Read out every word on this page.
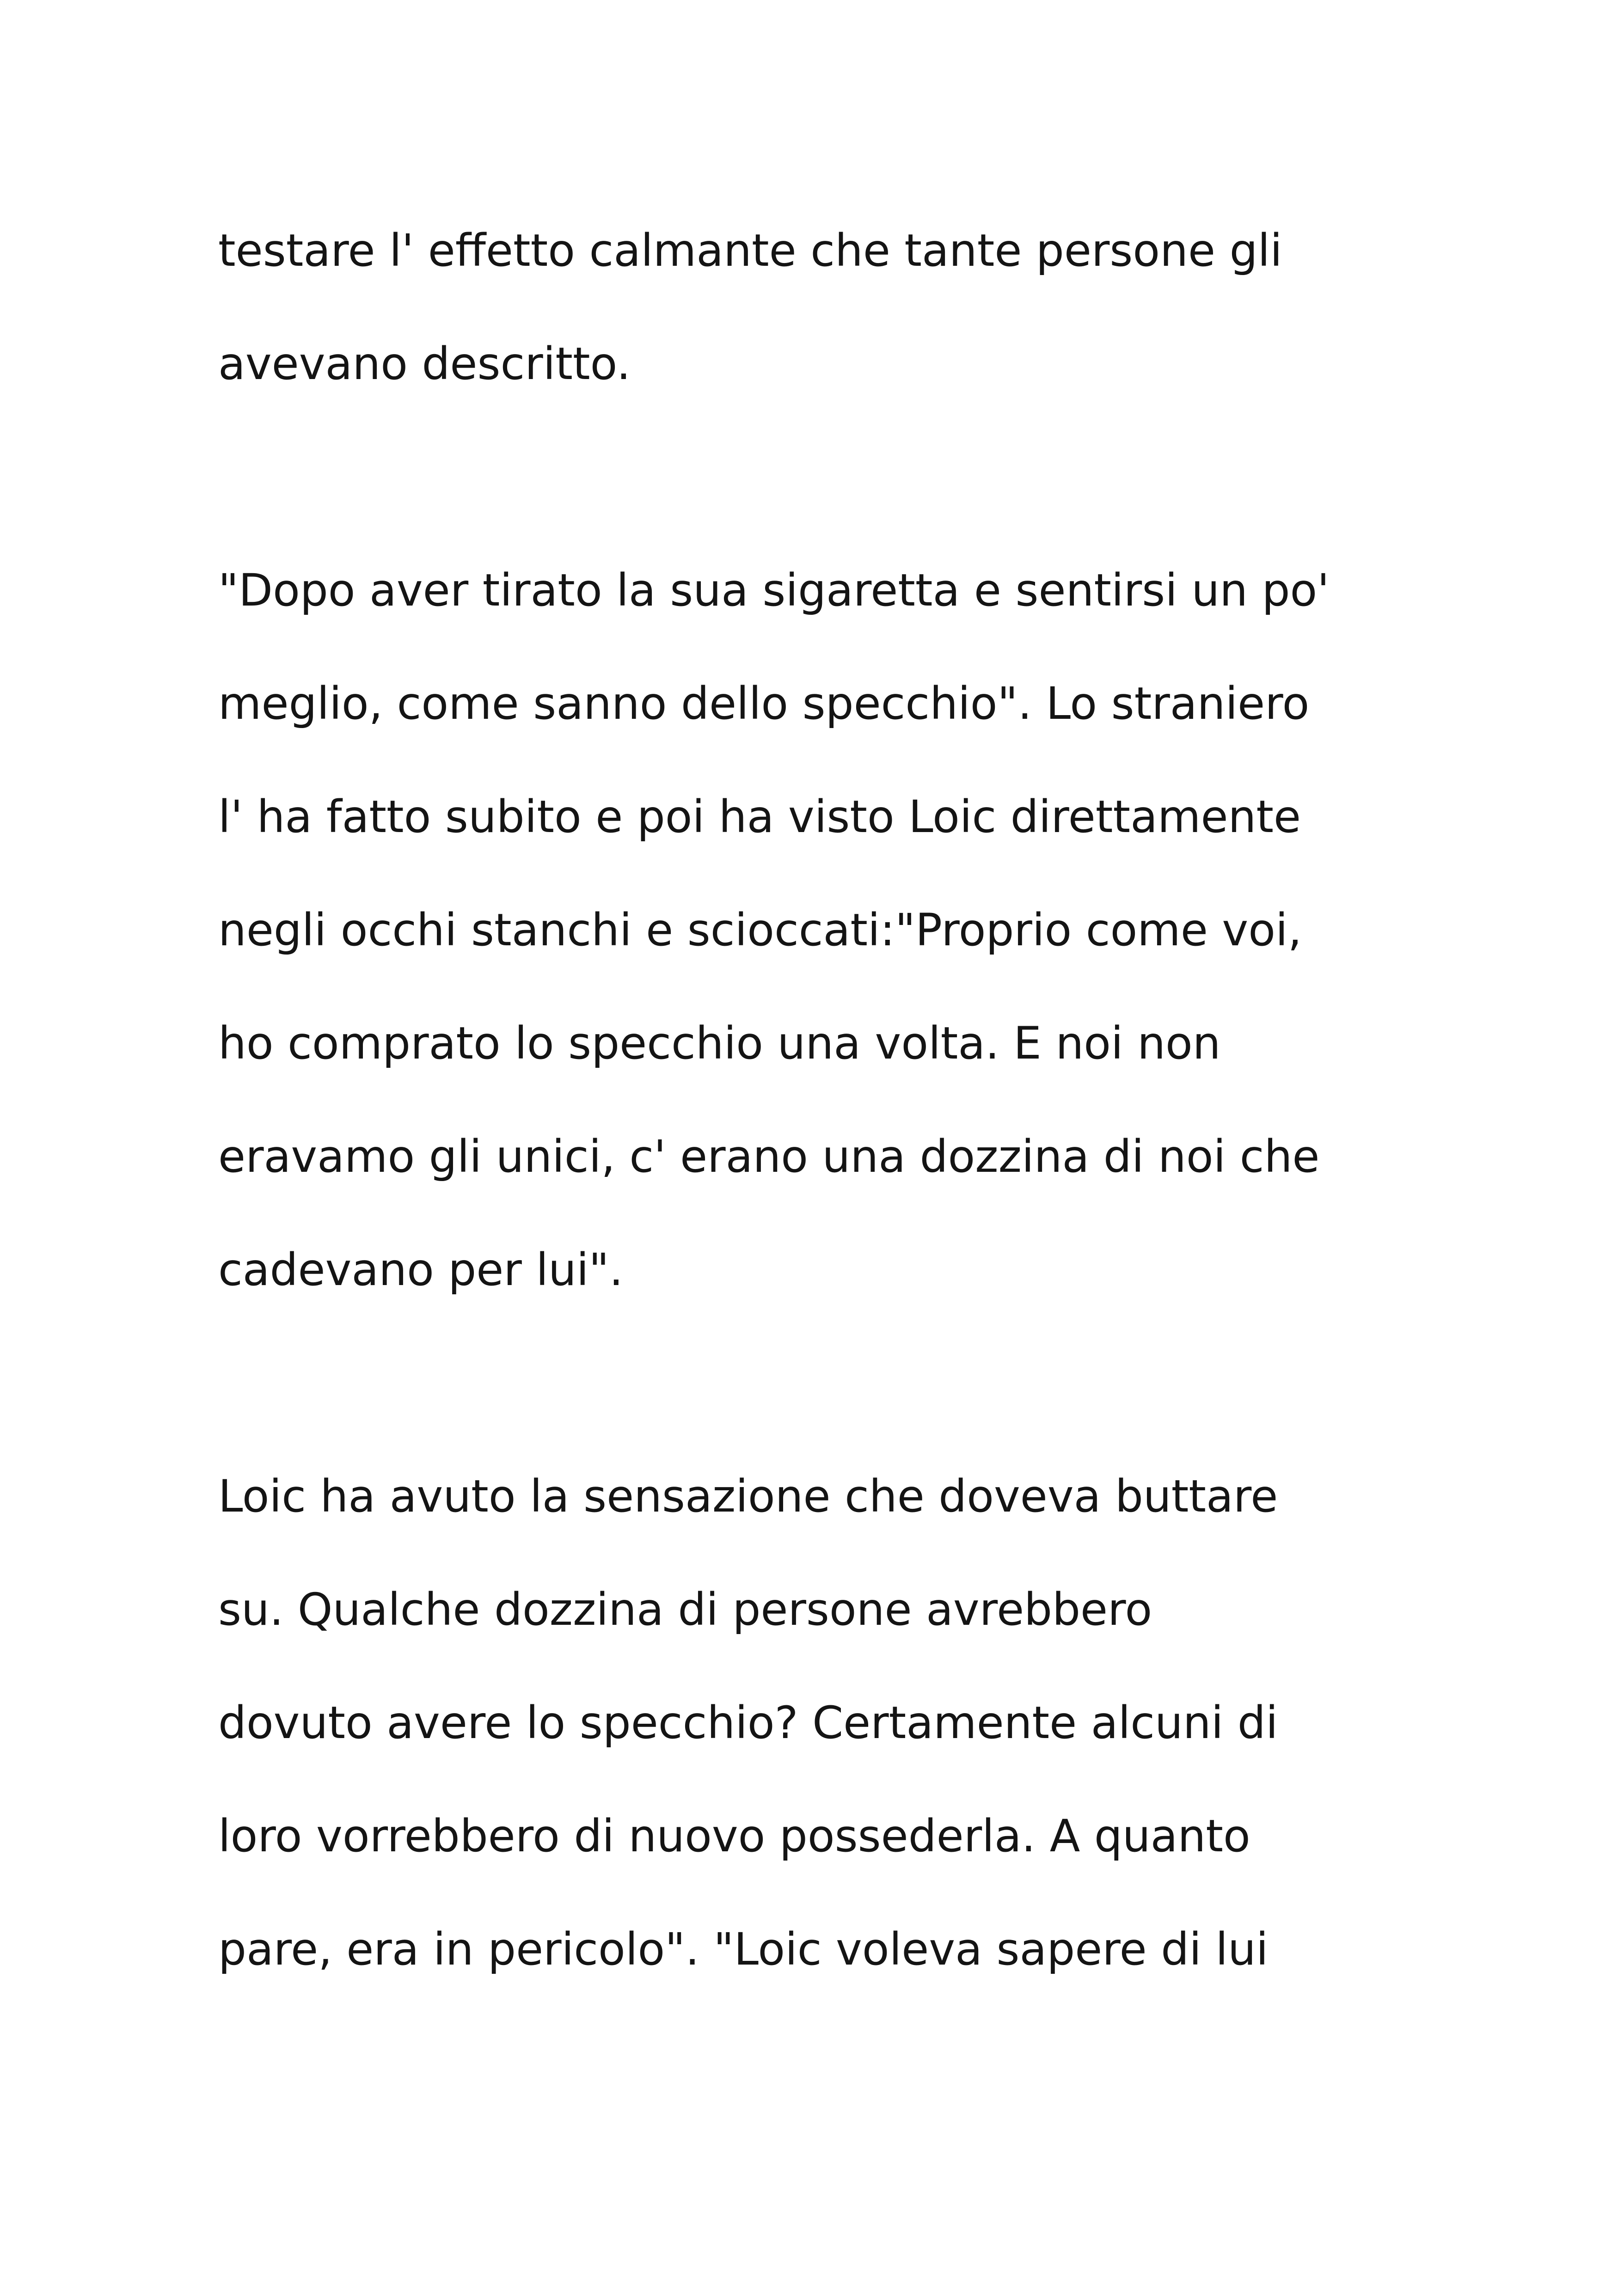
testare l' effetto calmante che tante persone gli
avevano descritto.
"Dopo aver tirato la sua sigaretta e sentirsi un po'
meglio, come sanno dello specchio". Lo straniero
l' ha fatto subito e poi ha visto Loic direttamente
negli occhi stanchi e scioccati:"Proprio come voi,
ho comprato lo specchio una volta. E noi non
eravamo gli unici, c' erano una dozzina di noi che
cadevano per lui".
Loic ha avuto la sensazione che doveva buttare
su. Qualche dozzina di persone avrebbero
dovuto avere lo specchio? Certamente alcuni di
loro vorrebbero di nuovo possederla. A quanto
pare, era in pericolo". "Loic voleva sapere di lui
